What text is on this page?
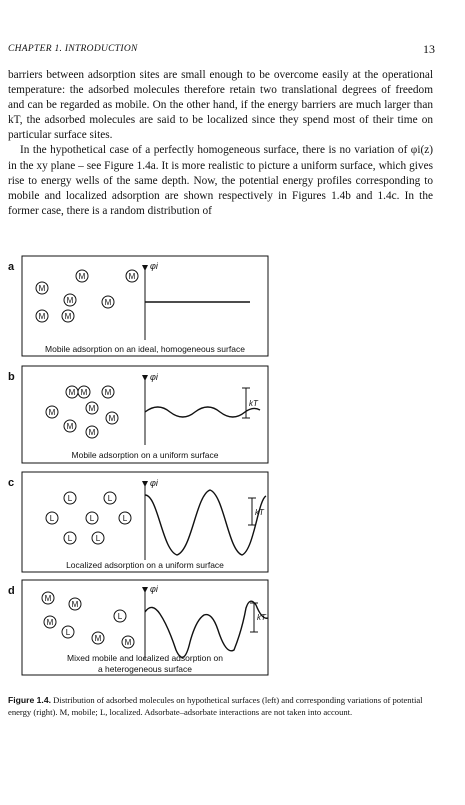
CHAPTER 1. INTRODUCTION	13

barriers between adsorption sites are small enough to be overcome easily at the operational temperature: the adsorbed molecules therefore retain two translational degrees of freedom and can be regarded as mobile. On the other hand, if the energy barriers are much larger than kT, the adsorbed molecules are said to be localized since they spend most of their time on particular surface sites.

In the hypothetical case of a perfectly homogeneous surface, there is no variation of φi(z) in the xy plane – see Figure 1.4a. It is more realistic to picture a uniform surface, which gives rise to energy wells of the same depth. Now, the potential energy profiles corresponding to mobile and localized adsorption are shown respectively in Figures 1.4b and 1.4c. In the former case, there is a random distribution of

a
b
c
d
φi
φi
φi
φi
kT
kT
kT
Mobile adsorption on an ideal, homogeneous surface
Mobile adsorption on a uniform surface
Localized adsorption on a uniform surface
Mixed mobile and localized adsorption on
a heterogeneous surface
M
M	M
M	M
M M
M M M
M
M
M
M
M
L	L
L	L	L
L	L
M
M
M
L
L
M	M
Figure 1.4. Distribution of adsorbed molecules on hypothetical surfaces (left) and corresponding variations of potential energy (right). M, mobile; L, localized. Adsorbate–adsorbate interactions are not taken into account.
